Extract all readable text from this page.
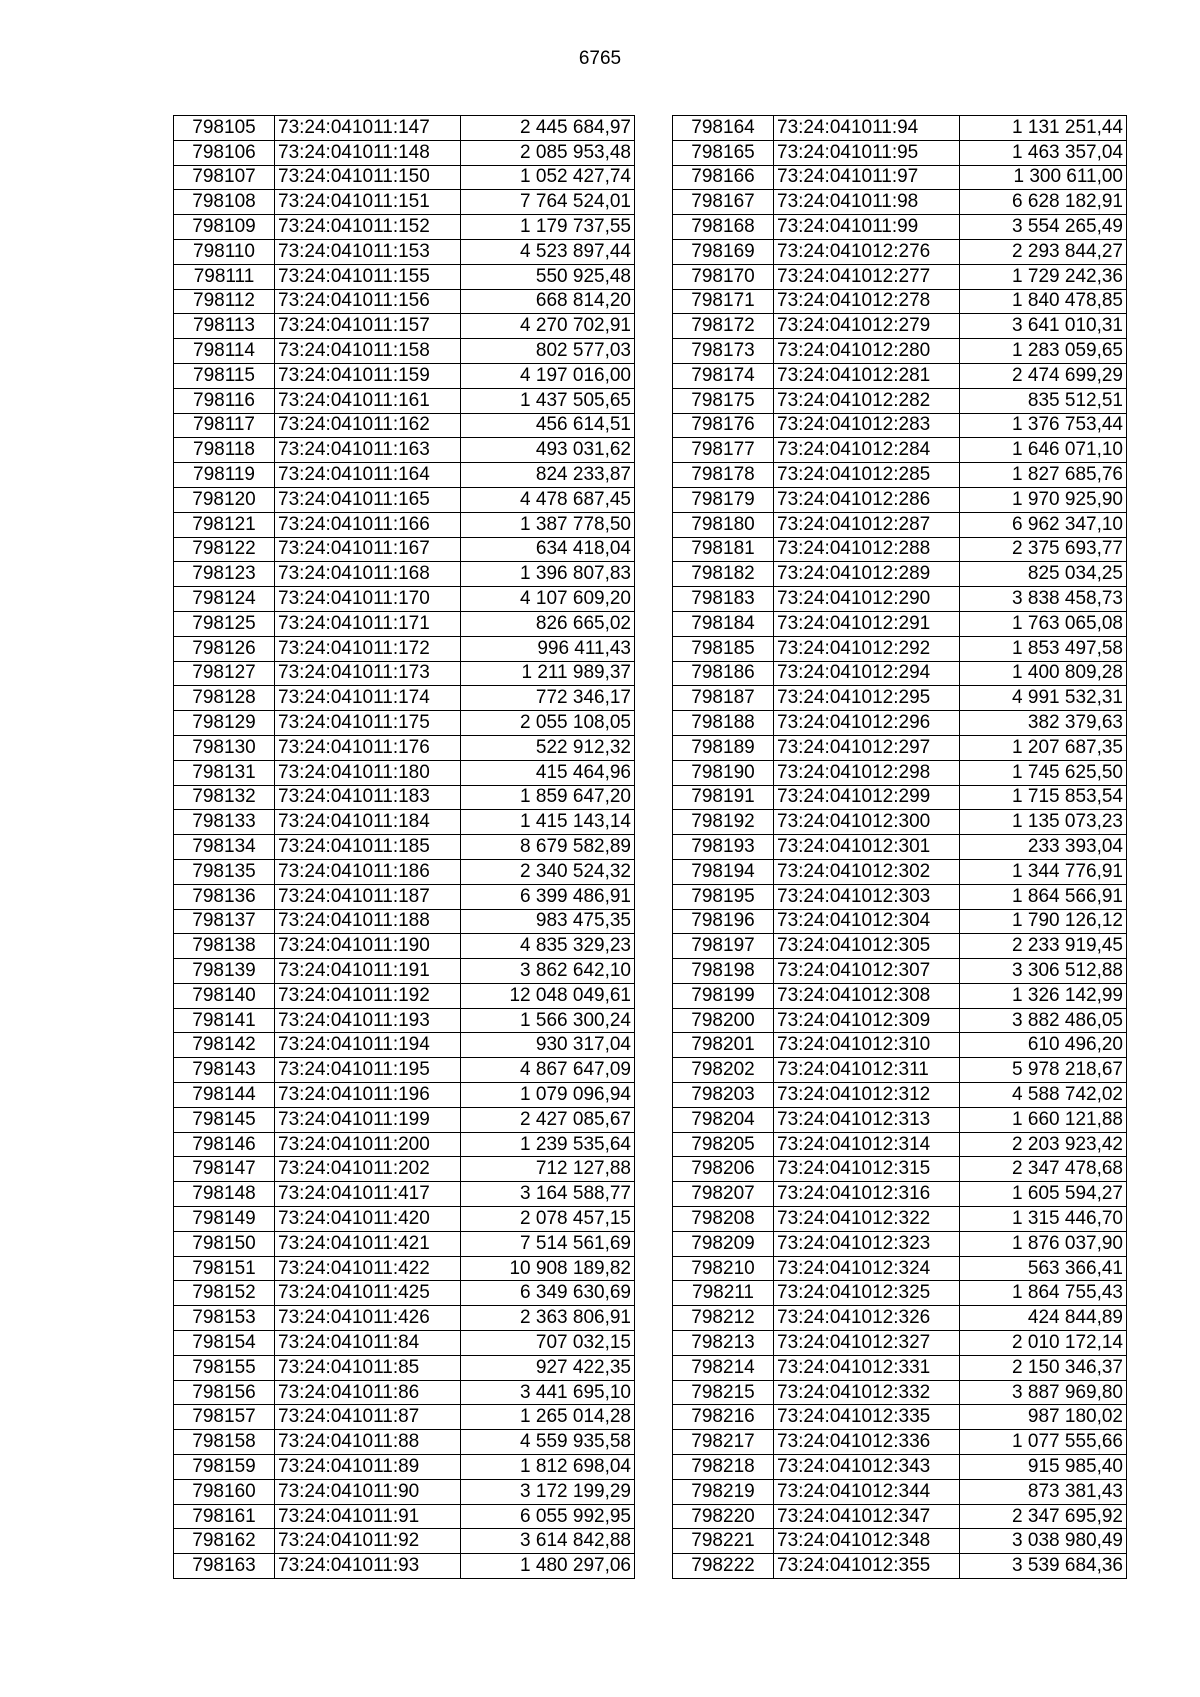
6765
798105	73:24:041011:147	2 445 684,97
798106	73:24:041011:148	2 085 953,48
798107	73:24:041011:150	1 052 427,74
798108	73:24:041011:151	7 764 524,01
798109	73:24:041011:152	1 179 737,55
798110	73:24:041011:153	4 523 897,44
798111	73:24:041011:155	550 925,48
798112	73:24:041011:156	668 814,20
798113	73:24:041011:157	4 270 702,91
798114	73:24:041011:158	802 577,03
798115	73:24:041011:159	4 197 016,00
798116	73:24:041011:161	1 437 505,65
798117	73:24:041011:162	456 614,51
798118	73:24:041011:163	493 031,62
798119	73:24:041011:164	824 233,87
798120	73:24:041011:165	4 478 687,45
798121	73:24:041011:166	1 387 778,50
798122	73:24:041011:167	634 418,04
798123	73:24:041011:168	1 396 807,83
798124	73:24:041011:170	4 107 609,20
798125	73:24:041011:171	826 665,02
798126	73:24:041011:172	996 411,43
798127	73:24:041011:173	1 211 989,37
798128	73:24:041011:174	772 346,17
798129	73:24:041011:175	2 055 108,05
798130	73:24:041011:176	522 912,32
798131	73:24:041011:180	415 464,96
798132	73:24:041011:183	1 859 647,20
798133	73:24:041011:184	1 415 143,14
798134	73:24:041011:185	8 679 582,89
798135	73:24:041011:186	2 340 524,32
798136	73:24:041011:187	6 399 486,91
798137	73:24:041011:188	983 475,35
798138	73:24:041011:190	4 835 329,23
798139	73:24:041011:191	3 862 642,10
798140	73:24:041011:192	12 048 049,61
798141	73:24:041011:193	1 566 300,24
798142	73:24:041011:194	930 317,04
798143	73:24:041011:195	4 867 647,09
798144	73:24:041011:196	1 079 096,94
798145	73:24:041011:199	2 427 085,67
798146	73:24:041011:200	1 239 535,64
798147	73:24:041011:202	712 127,88
798148	73:24:041011:417	3 164 588,77
798149	73:24:041011:420	2 078 457,15
798150	73:24:041011:421	7 514 561,69
798151	73:24:041011:422	10 908 189,82
798152	73:24:041011:425	6 349 630,69
798153	73:24:041011:426	2 363 806,91
798154	73:24:041011:84	707 032,15
798155	73:24:041011:85	927 422,35
798156	73:24:041011:86	3 441 695,10
798157	73:24:041011:87	1 265 014,28
798158	73:24:041011:88	4 559 935,58
798159	73:24:041011:89	1 812 698,04
798160	73:24:041011:90	3 172 199,29
798161	73:24:041011:91	6 055 992,95
798162	73:24:041011:92	3 614 842,88
798163	73:24:041011:93	1 480 297,06
798164	73:24:041011:94	1 131 251,44
798165	73:24:041011:95	1 463 357,04
798166	73:24:041011:97	1 300 611,00
798167	73:24:041011:98	6 628 182,91
798168	73:24:041011:99	3 554 265,49
798169	73:24:041012:276	2 293 844,27
798170	73:24:041012:277	1 729 242,36
798171	73:24:041012:278	1 840 478,85
798172	73:24:041012:279	3 641 010,31
798173	73:24:041012:280	1 283 059,65
798174	73:24:041012:281	2 474 699,29
798175	73:24:041012:282	835 512,51
798176	73:24:041012:283	1 376 753,44
798177	73:24:041012:284	1 646 071,10
798178	73:24:041012:285	1 827 685,76
798179	73:24:041012:286	1 970 925,90
798180	73:24:041012:287	6 962 347,10
798181	73:24:041012:288	2 375 693,77
798182	73:24:041012:289	825 034,25
798183	73:24:041012:290	3 838 458,73
798184	73:24:041012:291	1 763 065,08
798185	73:24:041012:292	1 853 497,58
798186	73:24:041012:294	1 400 809,28
798187	73:24:041012:295	4 991 532,31
798188	73:24:041012:296	382 379,63
798189	73:24:041012:297	1 207 687,35
798190	73:24:041012:298	1 745 625,50
798191	73:24:041012:299	1 715 853,54
798192	73:24:041012:300	1 135 073,23
798193	73:24:041012:301	233 393,04
798194	73:24:041012:302	1 344 776,91
798195	73:24:041012:303	1 864 566,91
798196	73:24:041012:304	1 790 126,12
798197	73:24:041012:305	2 233 919,45
798198	73:24:041012:307	3 306 512,88
798199	73:24:041012:308	1 326 142,99
798200	73:24:041012:309	3 882 486,05
798201	73:24:041012:310	610 496,20
798202	73:24:041012:311	5 978 218,67
798203	73:24:041012:312	4 588 742,02
798204	73:24:041012:313	1 660 121,88
798205	73:24:041012:314	2 203 923,42
798206	73:24:041012:315	2 347 478,68
798207	73:24:041012:316	1 605 594,27
798208	73:24:041012:322	1 315 446,70
798209	73:24:041012:323	1 876 037,90
798210	73:24:041012:324	563 366,41
798211	73:24:041012:325	1 864 755,43
798212	73:24:041012:326	424 844,89
798213	73:24:041012:327	2 010 172,14
798214	73:24:041012:331	2 150 346,37
798215	73:24:041012:332	3 887 969,80
798216	73:24:041012:335	987 180,02
798217	73:24:041012:336	1 077 555,66
798218	73:24:041012:343	915 985,40
798219	73:24:041012:344	873 381,43
798220	73:24:041012:347	2 347 695,92
798221	73:24:041012:348	3 038 980,49
798222	73:24:041012:355	3 539 684,36
